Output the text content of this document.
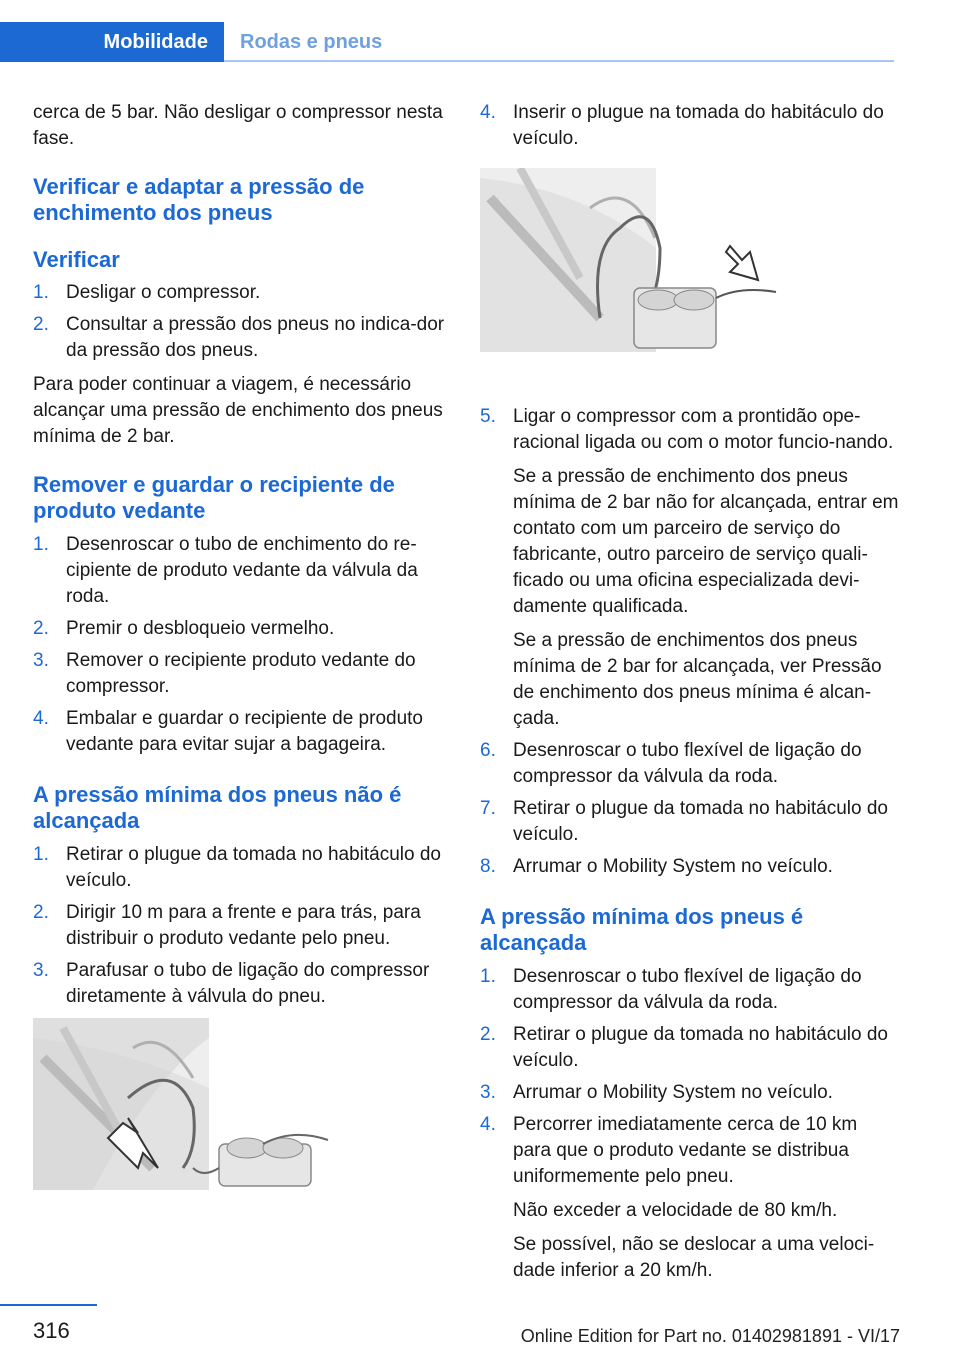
Mobilidade	Rodas e pneus

cerca de 5 bar. Não desligar o compressor nesta fase.

Verificar e adaptar a pressão de enchimento dos pneus
Verificar
1. Desligar o compressor.
2. Consultar a pressão dos pneus no indica-dor da pressão dos pneus.

Para poder continuar a viagem, é necessário alcançar uma pressão de enchimento dos pneus mínima de 2 bar.

Remover e guardar o recipiente de produto vedante
1. Desenroscar o tubo de enchimento do re-cipiente de produto vedante da válvula da roda.
2. Premir o desbloqueio vermelho.
3. Remover o recipiente produto vedante do compressor.
4. Embalar e guardar o recipiente de produto vedante para evitar sujar a bagageira.
A pressão mínima dos pneus não é alcançada
1. Retirar o plugue da tomada no habitáculo do veículo.
2. Dirigir 10 m para a frente e para trás, para distribuir o produto vedante pelo pneu.
3. Parafusar o tubo de ligação do compressor diretamente à válvula do pneu.
4. Inserir o plugue na tomada do habitáculo do veículo.
5. Ligar o compressor com a prontidão ope-racional ligada ou com o motor funcio-nando.
Se a pressão de enchimento dos pneus mínima de 2 bar não for alcançada, entrar em contato com um parceiro de serviço do fabricante, outro parceiro de serviço quali-ficado ou uma oficina especializada devi-damente qualificada.
Se a pressão de enchimentos dos pneus mínima de 2 bar for alcançada, ver Pressão de enchimento dos pneus mínima é alcan-çada.
6. Desenroscar o tubo flexível de ligação do compressor da válvula da roda.
7. Retirar o plugue da tomada no habitáculo do veículo.
8. Arrumar o Mobility System no veículo.
A pressão mínima dos pneus é alcançada
1. Desenroscar o tubo flexível de ligação do compressor da válvula da roda.
2. Retirar o plugue da tomada no habitáculo do veículo.
3. Arrumar o Mobility System no veículo.
4. Percorrer imediatamente cerca de 10 km para que o produto vedante se distribua uniformemente pelo pneu.
Não exceder a velocidade de 80 km/h.
Se possível, não se deslocar a uma veloci-dade inferior a 20 km/h.
316	Online Edition for Part no. 01402981891 - VI/17
